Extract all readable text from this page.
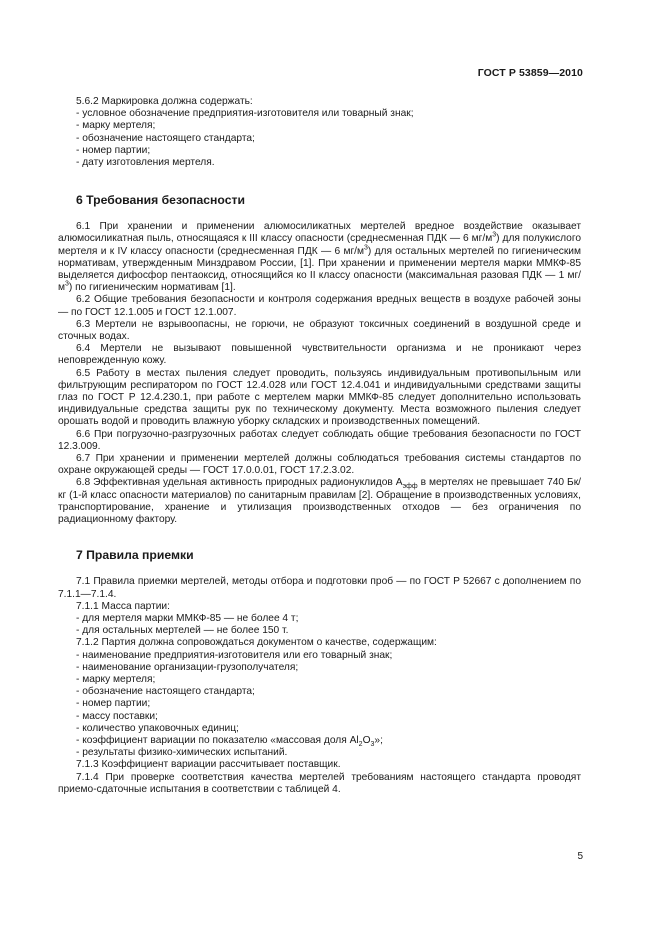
ГОСТ Р 53859—2010

5.6.2 Маркировка должна содержать:

- условное обозначение предприятия-изготовителя или товарный знак;

- марку мертеля;

- обозначение настоящего стандарта;

- номер партии;

- дату изготовления мертеля.

6 Требования безопасности

6.1 При хранении и применении алюмосиликатных мертелей вредное воздействие оказывает алюмосиликатная пыль, относящаяся к III классу опасности (среднесменная ПДК — 6 $мг/м^3$) для полукислого мертеля и к IV классу опасности (среднесменная ПДК — 6 $мг/м^3$) для остальных мертелей по гигиеническим нормативам, утвержденным Минздравом России, [1]. При хранении и применении мертеля марки ММКФ-85 выделяется дифосфор пентаоксид, относящийся ко II классу опасности (максимальная разовая ПДК — 1 $мг/м^3$) по гигиеническим нормативам [1].

6.2 Общие требования безопасности и контроля содержания вредных веществ в воздухе рабочей зоны — по ГОСТ 12.1.005 и ГОСТ 12.1.007.

6.3 Мертели не взрывоопасны, не горючи, не образуют токсичных соединений в воздушной среде и сточных водах.

6.4 Мертели не вызывают повышенной чувствительности организма и не проникают через неповрежденную кожу.

6.5 Работу в местах пыления следует проводить, пользуясь индивидуальным противопыльным или фильтрующим респиратором по ГОСТ 12.4.028 или ГОСТ 12.4.041 и индивидуальными средствами защиты глаз по ГОСТ Р 12.4.230.1, при работе с мертелем марки ММКФ-85 следует дополнительно использовать индивидуальные средства защиты рук по техническому документу. Места возможного пыления следует орошать водой и проводить влажную уборку складских и производственных помещений.

6.6 При погрузочно-разгрузочных работах следует соблюдать общие требования безопасности по ГОСТ 12.3.009.

6.7 При хранении и применении мертелей должны соблюдаться требования системы стандартов по охране окружающей среды — ГОСТ 17.0.0.01, ГОСТ 17.2.3.02.

6.8 Эффективная удельная активность природных радионуклидов $А_{эфф}$ в мертелях не превышает 740 Бк/кг (1-й класс опасности материалов) по санитарным правилам [2]. Обращение в производственных условиях, транспортирование, хранение и утилизация производственных отходов — без ограничения по радиационному фактору.

7 Правила приемки

7.1 Правила приемки мертелей, методы отбора и подготовки проб — по ГОСТ Р 52667 с дополнением по 7.1.1—7.1.4.

7.1.1 Масса партии:

- для мертеля марки ММКФ-85 — не более 4 т;

- для остальных мертелей — не более 150 т.

7.1.2 Партия должна сопровождаться документом о качестве, содержащим:

- наименование предприятия-изготовителя или его товарный знак;

- наименование организации-грузополучателя;

- марку мертеля;

- обозначение настоящего стандарта;

- номер партии;

- массу поставки;

- количество упаковочных единиц;

- коэффициент вариации по показателю «массовая доля $Al_2O_3$»;

- результаты физико-химических испытаний.

7.1.3 Коэффициент вариации рассчитывает поставщик.

7.1.4 При проверке соответствия качества мертелей требованиям настоящего стандарта проводят приемо-сдаточные испытания в соответствии с таблицей 4.

5
